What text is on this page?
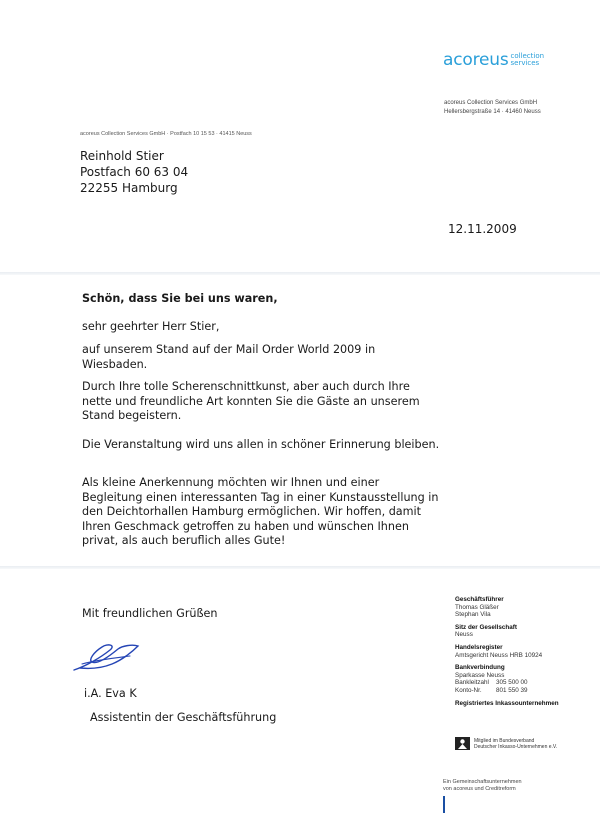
acoreus collection
services
acoreus Collection Services GmbH
Hellersbergstraße 14 · 41460 Neuss
acoreus Collection Services GmbH · Postfach 10 15 53 · 41415 Neuss
Reinhold Stier
Postfach 60 63 04
22255 Hamburg
12.11.2009
Schön, dass Sie bei uns waren,
sehr geehrter Herr Stier,
auf unserem Stand auf der Mail Order World 2009 in Wiesbaden.
Durch Ihre tolle Scherenschnittkunst, aber auch durch Ihre nette und freundliche Art konnten Sie die Gäste an unserem Stand begeistern.
Die Veranstaltung wird uns allen in schöner Erinnerung bleiben.
Als kleine Anerkennung möchten wir Ihnen und einer Begleitung einen interessanten Tag in einer Kunstausstellung in den Deichtorhallen Hamburg ermöglichen. Wir hoffen, damit Ihren Geschmack getroffen zu haben und wünschen Ihnen privat, als auch beruflich alles Gute!
Mit freundlichen Grüßen
i.A. Eva K
Assistentin der Geschäftsführung
Geschäftsführer
Thomas Gläßer
Stephan Vila
Sitz der Gesellschaft
Neuss
Handelsregister
Amtsgericht Neuss HRB 10924
Bankverbindung
Sparkasse Neuss
Bankleitzahl	305 500 00
Konto-Nr.	801 550 39
Registriertes Inkassounternehmen
Mitglied im Bundesverband
Deutscher Inkasso-Unternehmen e.V.
Ein Gemeinschaftsunternehmen
von acoreus und Creditreform
